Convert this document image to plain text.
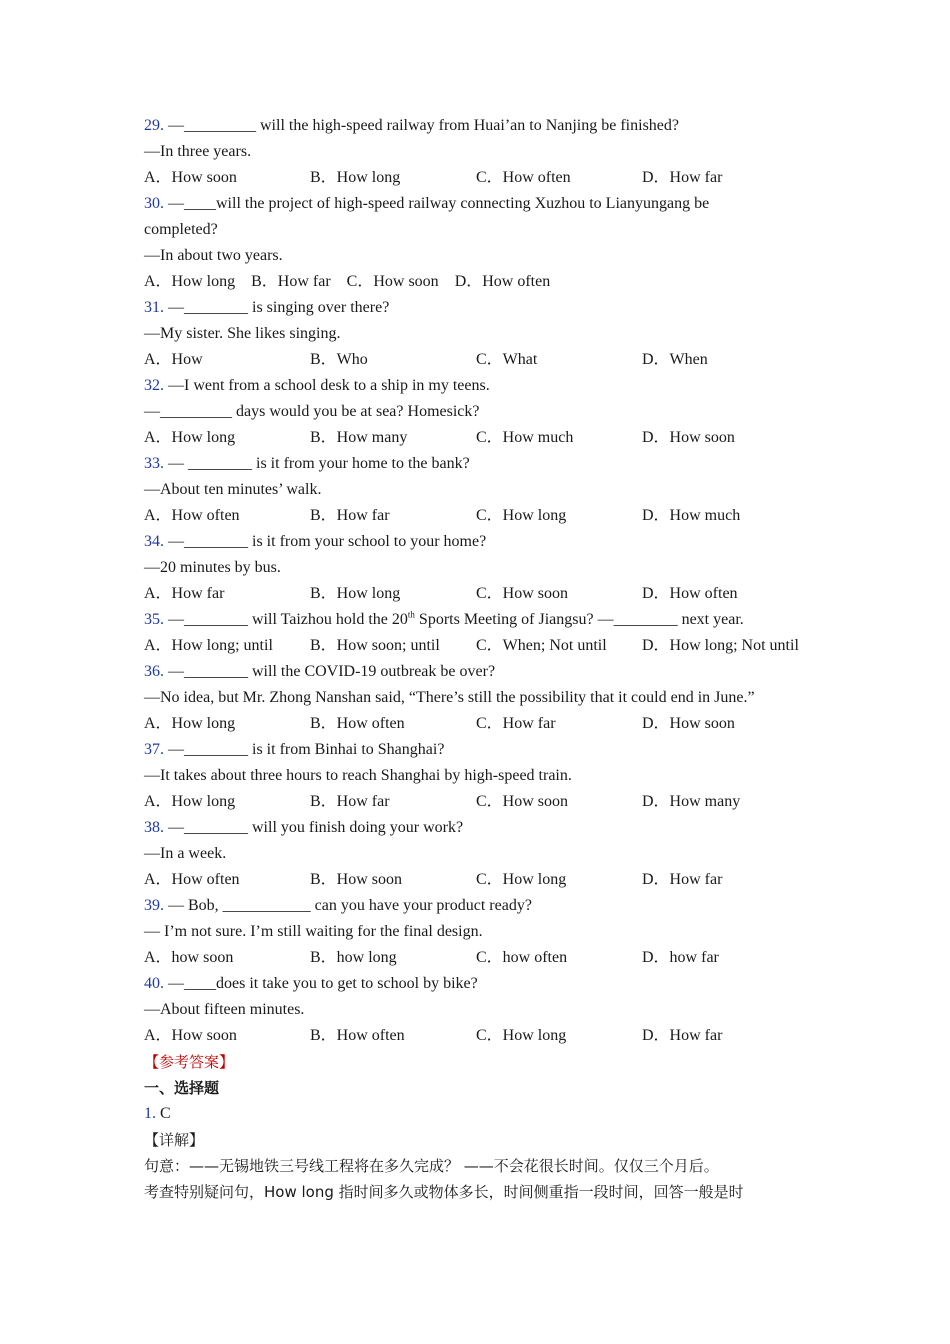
29. —_________ will the high-speed railway from Huai’an to Nanjing be finished?
—In three years.
A．How soon	B．How long	C．How often	D．How far
30. —____will the project of high-speed railway connecting Xuzhou to Lianyungang be
completed?
—In about two years.
A．How long B．How far C．How soon D．How often
31. —________ is singing over there?
—My sister. She likes singing.
A．How	B．Who	C．What	D．When
32. —I went from a school desk to a ship in my teens.
—_________ days would you be at sea? Homesick?
A．How long	B．How many	C．How much	D．How soon
33. — ________ is it from your home to the bank?
—About ten minutes’ walk.
A．How often	B．How far	C．How long	D．How much
34. —________ is it from your school to your home?
—20 minutes by bus.
A．How far	B．How long	C．How soon	D．How often
35. —________ will Taizhou hold the 20th Sports Meeting of Jiangsu? —________ next year.
A．How long; until	B．How soon; until	C．When; Not until	D．How long; Not until
36. —________ will the COVID-19 outbreak be over?
—No idea, but Mr. Zhong Nanshan said, “There’s still the possibility that it could end in June.”
A．How long	B．How often	C．How far	D．How soon
37. —________ is it from Binhai to Shanghai?
—It takes about three hours to reach Shanghai by high-speed train.
A．How long	B．How far	C．How soon	D．How many
38. —________ will you finish doing your work?
—In a week.
A．How often	B．How soon	C．How long	D．How far
39. — Bob, ___________ can you have your product ready?
— I’m not sure. I’m still waiting for the final design.
A．how soon	B．how long	C．how often	D．how far
40. —____does it take you to get to school by bike?
—About fifteen minutes.
A．How soon	B．How often	C．How long	D．How far
【参考答案】
一、选择题
1. C
【详解】
句意：——无锡地铁三号线工程将在多久完成？ ——不会花很长时间。仅仅三个月后。
考查特别疑问句，How long 指时间多久或物体多长，时间侧重指一段时间，回答一般是时
